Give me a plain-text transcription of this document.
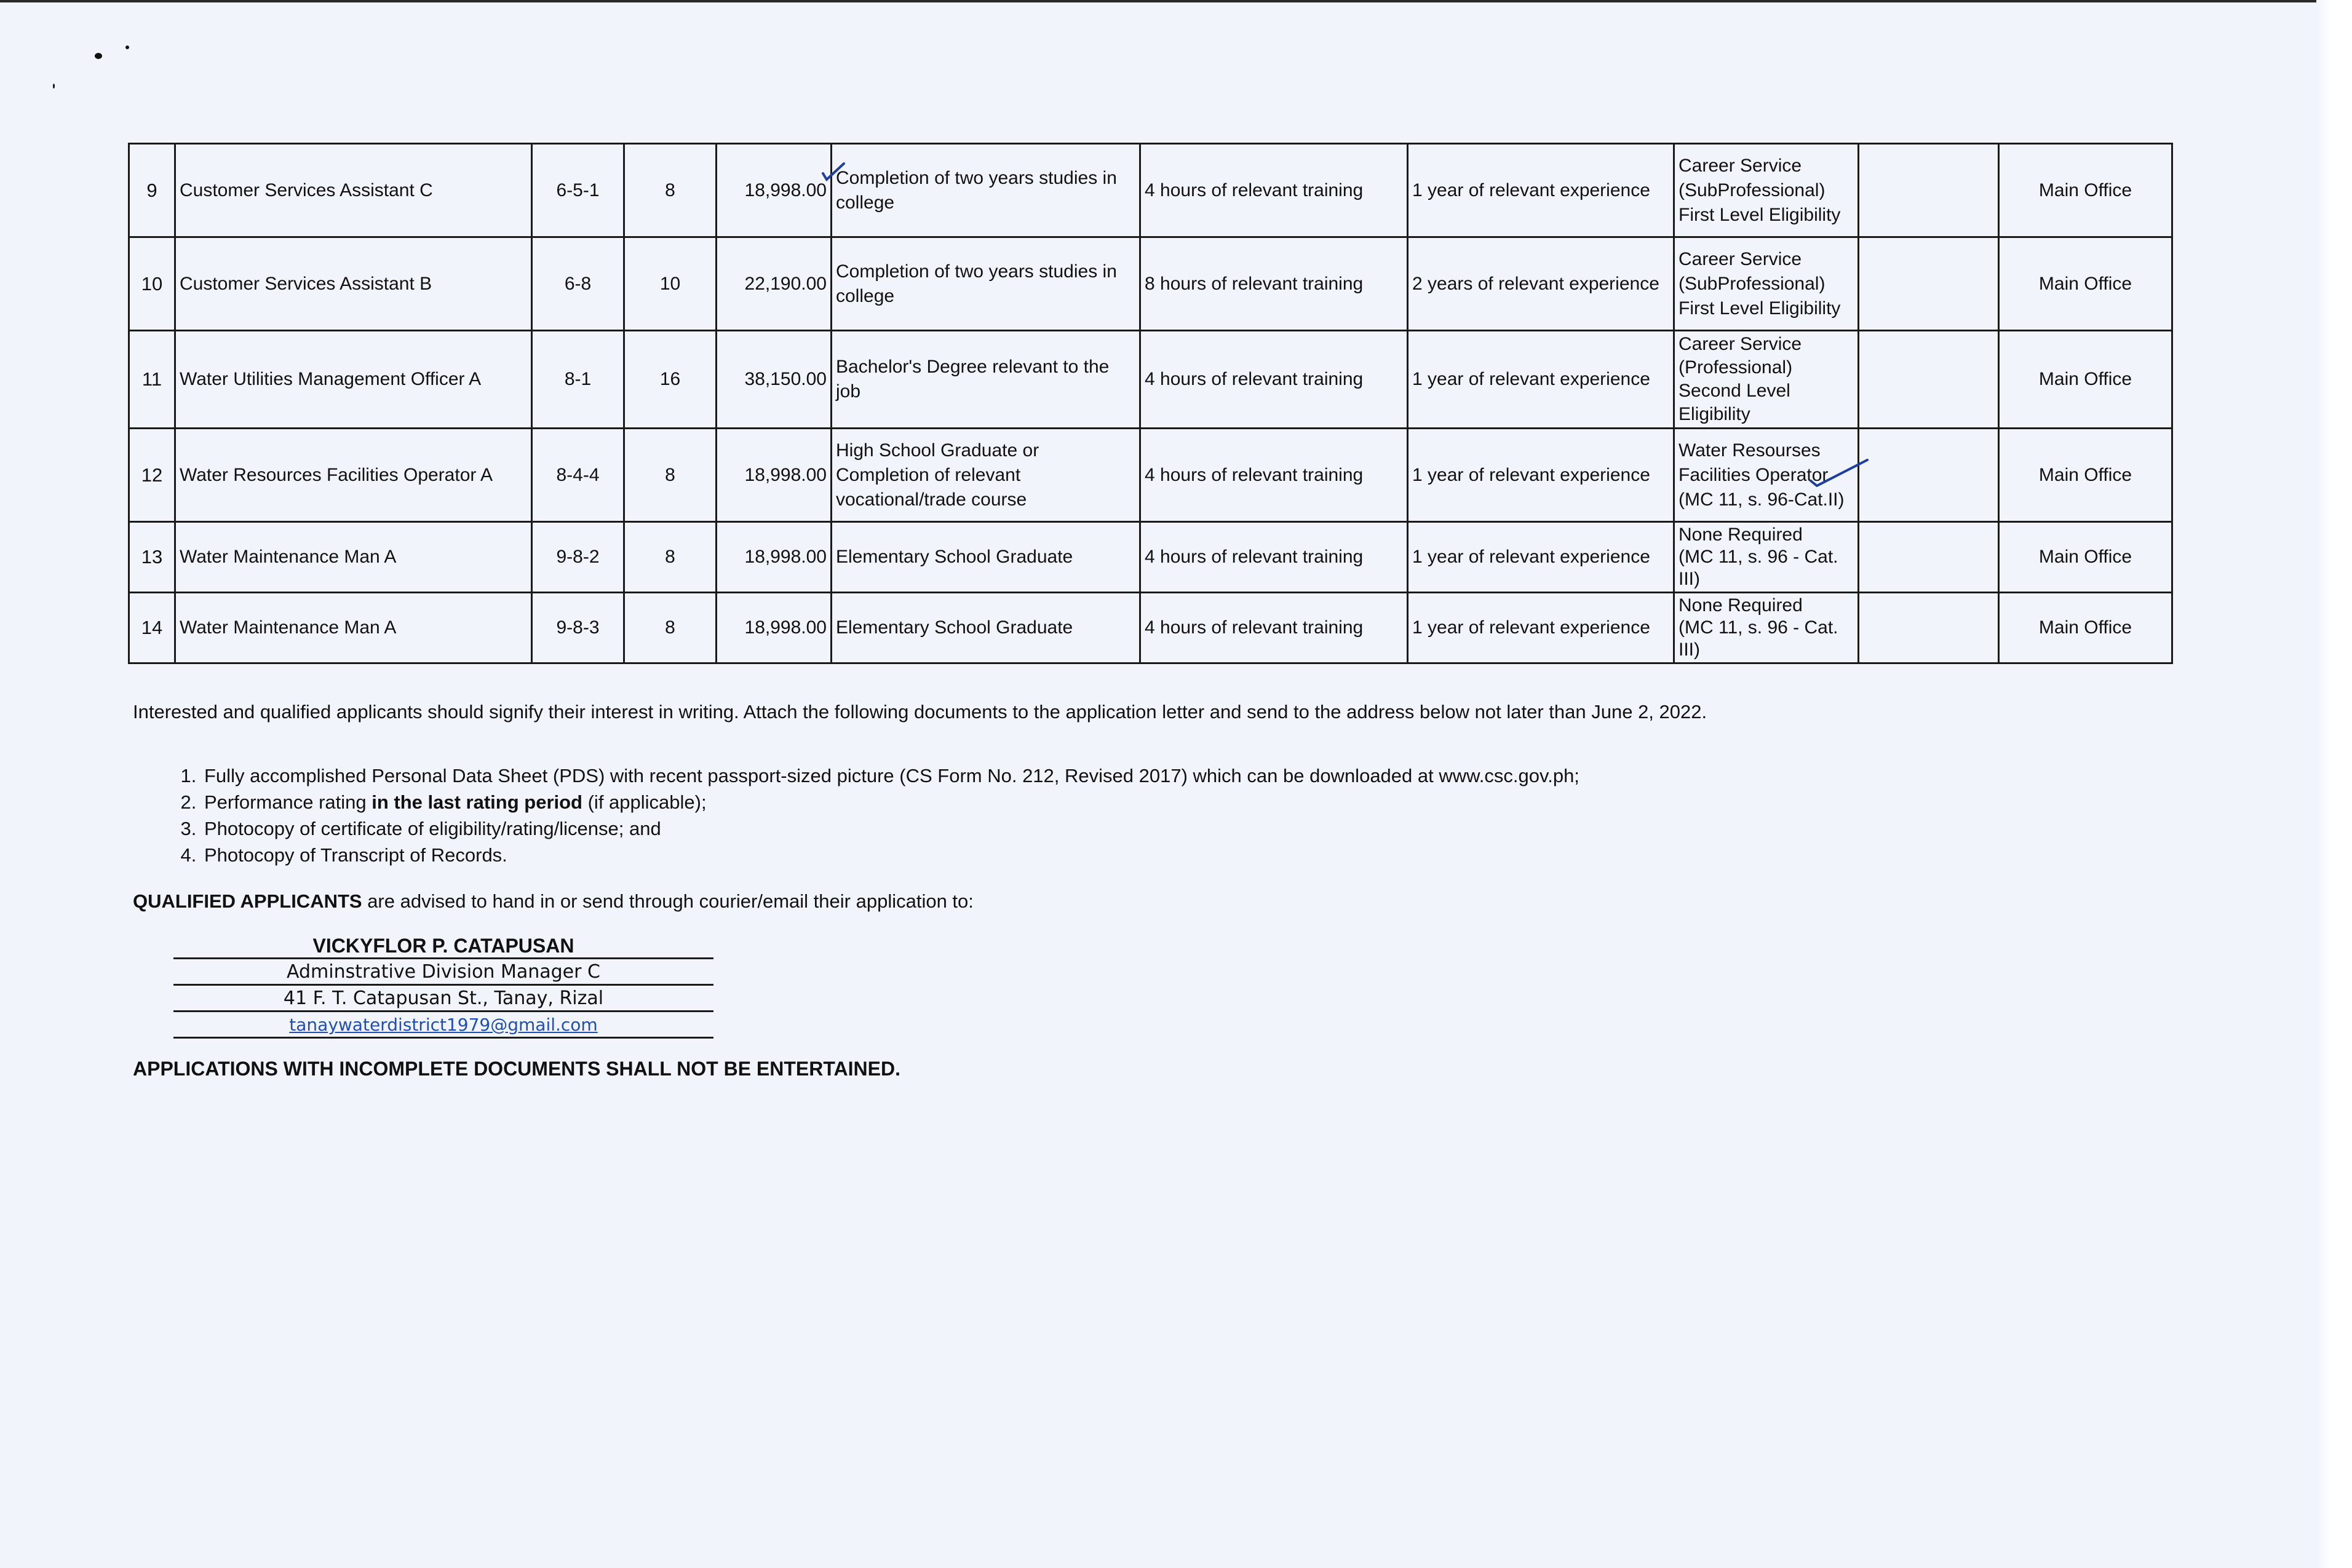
9	Customer Services Assistant C	6-5-1	8	18,998.00	Completion of two years studies in college	4 hours of relevant training	1 year of relevant experience	Career Service
(SubProfessional)
First Level Eligibility		Main Office
10	Customer Services Assistant B	6-8	10	22,190.00	Completion of two years studies in college	8 hours of relevant training	2 years of relevant experience	Career Service
(SubProfessional)
First Level Eligibility		Main Office
11	Water Utilities Management Officer A	8-1	16	38,150.00	Bachelor's Degree relevant to the job	4 hours of relevant training	1 year of relevant experience	Career Service
(Professional)
Second Level
Eligibility		Main Office
12	Water Resources Facilities Operator A	8-4-4	8	18,998.00	High School Graduate or
Completion of relevant
vocational/trade course	4 hours of relevant training	1 year of relevant experience	Water Resourses
Facilities Operator
(MC 11, s. 96-Cat.II)		Main Office
13	Water Maintenance Man A	9-8-2	8	18,998.00	Elementary School Graduate	4 hours of relevant training	1 year of relevant experience	None Required
(MC 11, s. 96 - Cat.
III)		Main Office
14	Water Maintenance Man A	9-8-3	8	18,998.00	Elementary School Graduate	4 hours of relevant training	1 year of relevant experience	None Required
(MC 11, s. 96 - Cat.
III)		Main Office
Interested and qualified applicants should signify their interest in writing. Attach the following documents to the application letter and send to the address below not later than June 2, 2022.
1. Fully accomplished Personal Data Sheet (PDS) with recent passport-sized picture (CS Form No. 212, Revised 2017) which can be downloaded at www.csc.gov.ph;
2. Performance rating in the last rating period (if applicable);
3. Photocopy of certificate of eligibility/rating/license; and
4. Photocopy of Transcript of Records.
QUALIFIED APPLICANTS are advised to hand in or send through courier/email their application to:
VICKYFLOR P. CATAPUSAN
Adminstrative Division Manager C
41 F. T. Catapusan St., Tanay, Rizal
tanaywaterdistrict1979@gmail.com
APPLICATIONS WITH INCOMPLETE DOCUMENTS SHALL NOT BE ENTERTAINED.
